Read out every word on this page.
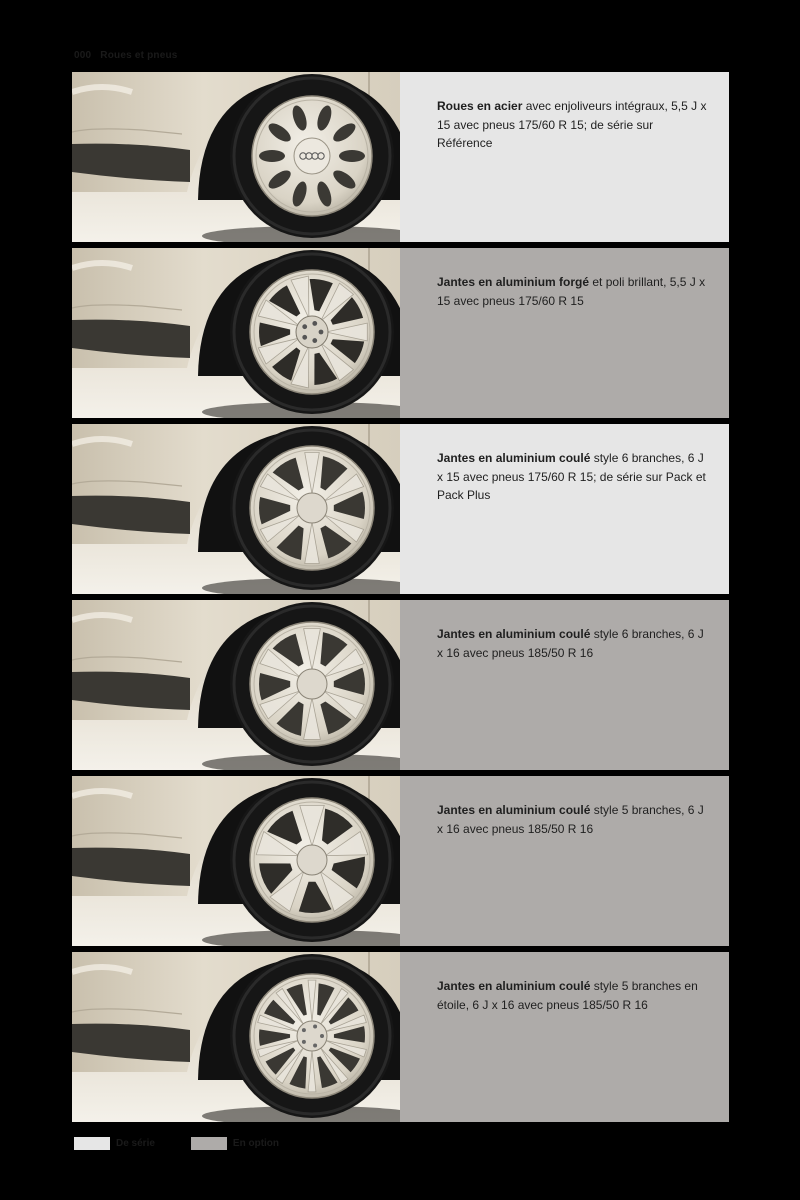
000 Roues et pneus
Roues en acier avec enjoliveurs intégraux, 5,5 J x 15 avec pneus 175/60 R 15; de série sur Référence
Jantes en aluminium forgé et poli brillant, 5,5 J x 15 avec pneus 175/60 R 15
Jantes en aluminium coulé style 6 branches, 6 J x 15 avec pneus 175/60 R 15; de série sur Pack et Pack Plus
Jantes en aluminium coulé style 6 branches, 6 J x 16 avec pneus 185/50 R 16
Jantes en aluminium coulé style 5 branches, 6 J x 16 avec pneus 185/50 R 16
Jantes en aluminium coulé style 5 branches en étoile, 6 J x 16 avec pneus 185/50 R 16
De série	En option
